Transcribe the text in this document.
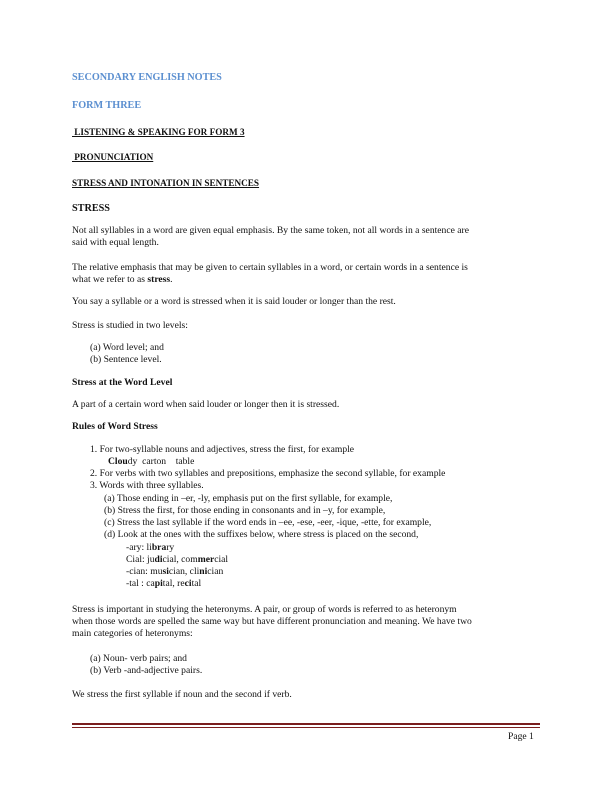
SECONDARY ENGLISH NOTES

FORM THREE

LISTENING & SPEAKING FOR FORM 3

PRONUNCIATION

STRESS AND INTONATION IN SENTENCES

STRESS

Not all syllables in a word are given equal emphasis. By the same token, not all words in a sentence are

said with equal length.

The relative emphasis that may be given to certain syllables in a word, or certain words in a sentence is

what we refer to as stress.

You say a syllable or a word is stressed when it is said louder or longer than the rest.

Stress is studied in two levels:

(a) Word level; and

(b) Sentence level.

Stress at the Word Level

A part of a certain word when said louder or longer then it is stressed.

Rules of Word Stress

1. For two-syllable nouns and adjectives, stress the first, for example

Cloudy  carton    table

2. For verbs with two syllables and prepositions, emphasize the second syllable, for example

3. Words with three syllables.

(a) Those ending in –er, -ly, emphasis put on the first syllable, for example,

(b) Stress the first, for those ending in consonants and in –y, for example,

(c) Stress the last syllable if the word ends in –ee, -ese, -eer, -ique, -ette, for example,

(d) Look at the ones with the suffixes below, where stress is placed on the second,

-ary: library

Cial: judicial, commercial

-cian: musician, clinician

-tal : capital, recital

Stress is important in studying the heteronyms. A pair, or group of words is referred to as heteronym

when those words are spelled the same way but have different pronunciation and meaning. We have two

main categories of heteronyms:

(a) Noun- verb pairs; and

(b) Verb -and-adjective pairs.

We stress the first syllable if noun and the second if verb.

Page 1
